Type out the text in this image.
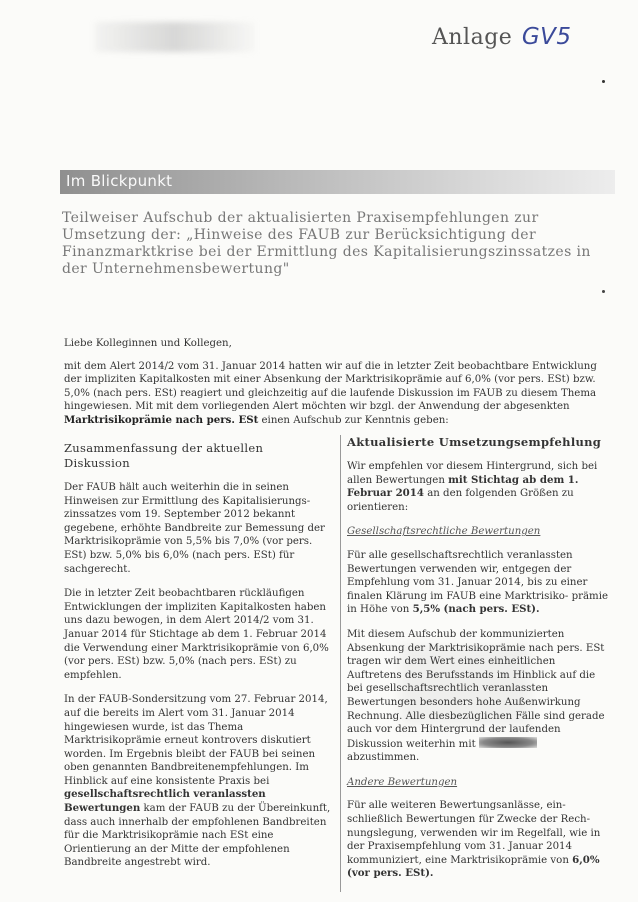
Anlage GV5
Im Blickpunkt
Teilweiser Aufschub der aktualisierten Praxisempfehlungen zur Umsetzung der: „Hinweise des FAUB zur Berücksichtigung der Finanzmarktkrise bei der Ermittlung des Kapitalisierungszinssatzes in der Unternehmensbewertung"

Liebe Kolleginnen und Kollegen,

mit dem Alert 2014/2 vom 31. Januar 2014 hatten wir auf die in letzter Zeit beobachtbare Entwicklung der impliziten Kapitalkosten mit einer Absenkung der Marktrisikoprämie auf 6,0% (vor pers. ESt) bzw. 5,0% (nach pers. ESt) reagiert und gleichzeitig auf die laufende Diskussion im FAUB zu diesem Thema hingewiesen. Mit mit dem vorliegenden Alert möchten wir bzgl. der Anwendung der abgesenkten Marktrisikoprämie nach pers. ESt einen Aufschub zur Kenntnis geben:

Zusammenfassung der aktuellen Diskussion

Der FAUB hält auch weiterhin die in seinen Hinweisen zur Ermittlung des Kapitalisierungs-zinssatzes vom 19. September 2012 bekannt gegebene, erhöhte Bandbreite zur Bemessung der Marktrisikoprämie von 5,5% bis 7,0% (vor pers. ESt) bzw. 5,0% bis 6,0% (nach pers. ESt) für sachgerecht.

Die in letzter Zeit beobachtbaren rückläufigen Entwicklungen der impliziten Kapitalkosten haben uns dazu bewogen, in dem Alert 2014/2 vom 31. Januar 2014 für Stichtage ab dem 1. Februar 2014 die Verwendung einer Marktrisikoprämie von 6,0% (vor pers. ESt) bzw. 5,0% (nach pers. ESt) zu empfehlen.

In der FAUB-Sondersitzung vom 27. Februar 2014, auf die bereits im Alert vom 31. Januar 2014 hingewiesen wurde, ist das Thema Marktrisikoprämie erneut kontrovers diskutiert worden. Im Ergebnis bleibt der FAUB bei seinen oben genannten Bandbreitenempfehlungen. Im Hinblick auf eine konsistente Praxis bei gesellschaftsrechtlich veranlassten Bewertungen kam der FAUB zu der Übereinkunft, dass auch innerhalb der empfohlenen Bandbreiten für die Marktrisikoprämie nach ESt eine Orientierung an der Mitte der empfohlenen Bandbreite angestrebt wird.

Aktualisierte Umsetzungsempfehlung

Wir empfehlen vor diesem Hintergrund, sich bei allen Bewertungen mit Stichtag ab dem 1. Februar 2014 an den folgenden Größen zu orientieren:

Gesellschaftsrechtliche Bewertungen

Für alle gesellschaftsrechtlich veranlassten Bewertungen verwenden wir, entgegen der Empfehlung vom 31. Januar 2014, bis zu einer finalen Klärung im FAUB eine Marktrisiko- prämie in Höhe von 5,5% (nach pers. ESt).

Mit diesem Aufschub der kommunizierten Absenkung der Marktrisikoprämie nach pers. ESt tragen wir dem Wert eines einheitlichen Auftretens des Berufsstands im Hinblick auf die bei gesellschaftsrechtlich veranlassten Bewertungen besonders hohe Außenwirkung Rechnung. Alle diesbezüglichen Fälle sind gerade auch vor dem Hintergrund der laufenden Diskussion weiterhin mit  abzustimmen.

Andere Bewertungen

Für alle weiteren Bewertungsanlässe, ein-schließlich Bewertungen für Zwecke der Rech-nungslegung, verwenden wir im Regelfall, wie in der Praxisempfehlung vom 31. Januar 2014 kommuniziert, eine Marktrisikoprämie von 6,0% (vor pers. ESt).
